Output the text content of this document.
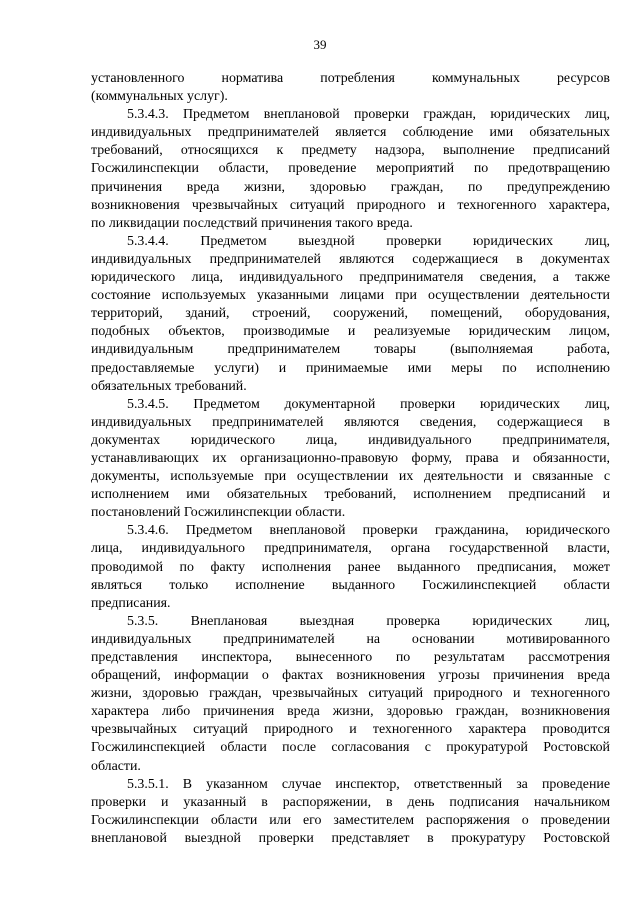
39
установленного норматива потребления коммунальных ресурсов
(коммунальных услуг).
5.3.4.3. Предметом внеплановой проверки граждан, юридических лиц,
индивидуальных предпринимателей является соблюдение ими обязательных
требований, относящихся к предмету надзора, выполнение предписаний
Госжилинспекции области, проведение мероприятий по предотвращению
причинения вреда жизни, здоровью граждан, по предупреждению
возникновения чрезвычайных ситуаций природного и техногенного характера,
по ликвидации последствий причинения такого вреда.
5.3.4.4. Предметом выездной проверки юридических лиц,
индивидуальных предпринимателей являются содержащиеся в документах
юридического лица, индивидуального предпринимателя сведения, а также
состояние используемых указанными лицами при осуществлении деятельности
территорий, зданий, строений, сооружений, помещений, оборудования,
подобных объектов, производимые и реализуемые юридическим лицом,
индивидуальным предпринимателем товары (выполняемая работа,
предоставляемые услуги) и принимаемые ими меры по исполнению
обязательных требований.
5.3.4.5. Предметом документарной проверки юридических лиц,
индивидуальных предпринимателей являются сведения, содержащиеся в
документах юридического лица, индивидуального предпринимателя,
устанавливающих их организационно-правовую форму, права и обязанности,
документы, используемые при осуществлении их деятельности и связанные с
исполнением ими обязательных требований, исполнением предписаний и
постановлений Госжилинспекции области.
5.3.4.6. Предметом внеплановой проверки гражданина, юридического
лица, индивидуального предпринимателя, органа государственной власти,
проводимой по факту исполнения ранее выданного предписания, может
являться только исполнение выданного Госжилинспекцией области
предписания.
5.3.5. Внеплановая выездная проверка юридических лиц,
индивидуальных предпринимателей на основании мотивированного
представления инспектора, вынесенного по результатам рассмотрения
обращений, информации о фактах возникновения угрозы причинения вреда
жизни, здоровью граждан, чрезвычайных ситуаций природного и техногенного
характера либо причинения вреда жизни, здоровью граждан, возникновения
чрезвычайных ситуаций природного и техногенного характера проводится
Госжилинспекцией области после согласования с прокуратурой Ростовской
области.
5.3.5.1. В указанном случае инспектор, ответственный за проведение
проверки и указанный в распоряжении, в день подписания начальником
Госжилинспекции области или его заместителем распоряжения о проведении
внеплановой выездной проверки представляет в прокуратуру Ростовской
